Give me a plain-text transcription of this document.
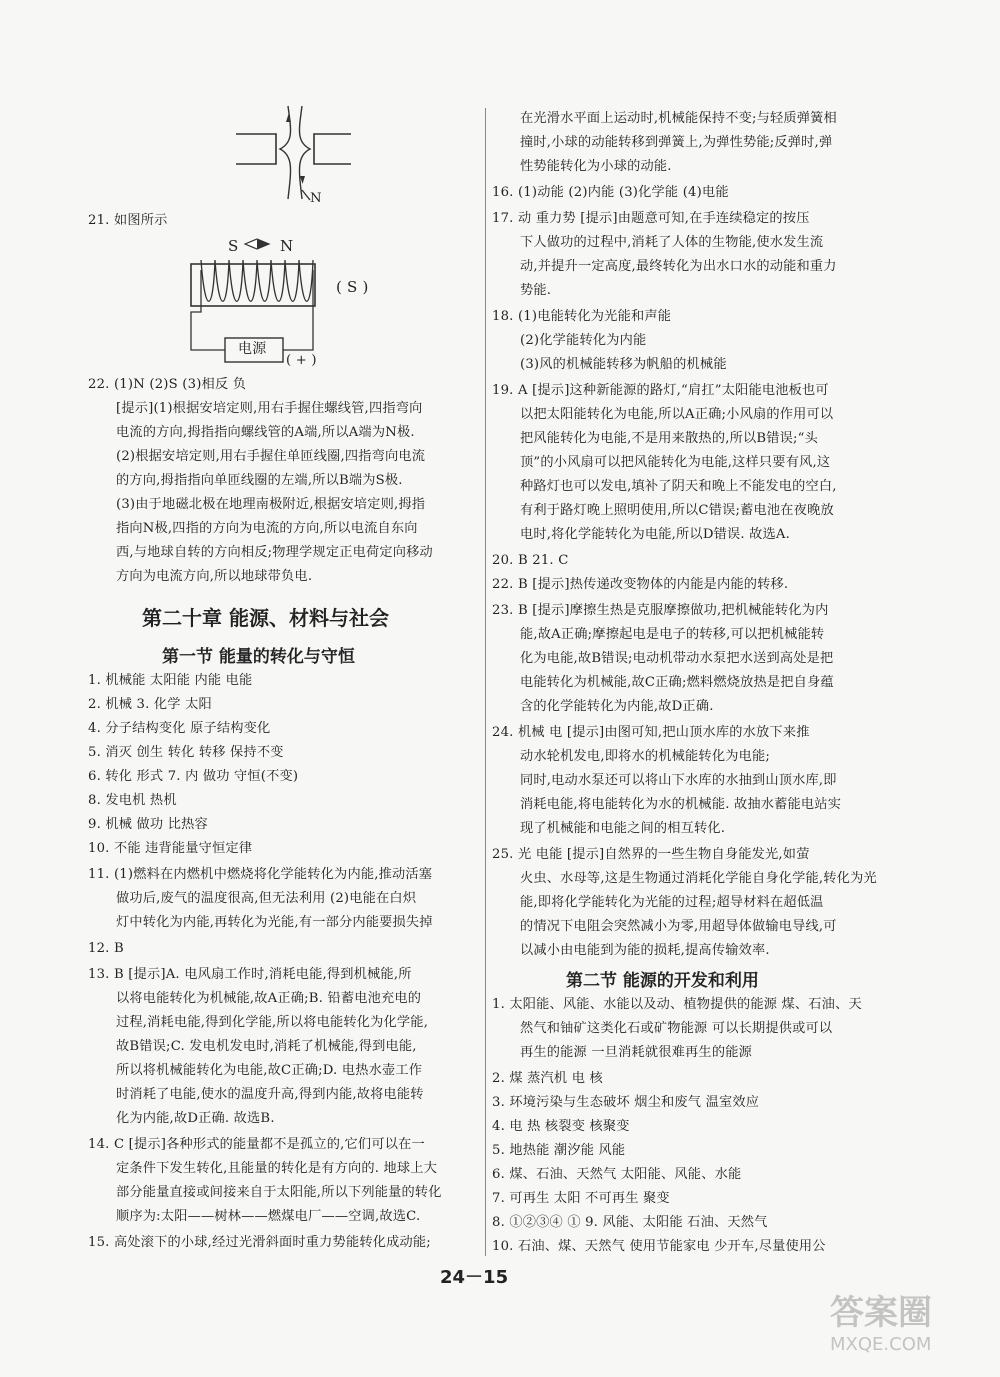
N
21. 如图所示
S	N
( S )
电源
( + )
22. (1)N (2)S (3)相反 负
[提示](1)根据安培定则,用右手握住螺线管,四指弯向
电流的方向,拇指指向螺线管的A端,所以A端为N极.
(2)根据安培定则,用右手握住单匝线圈,四指弯向电流
的方向,拇指指向单匝线圈的左端,所以B端为S极.
(3)由于地磁北极在地理南极附近,根据安培定则,拇指
指向N极,四指的方向为电流的方向,所以电流自东向
西,与地球自转的方向相反;物理学规定正电荷定向移动
方向为电流方向,所以地球带负电.
第二十章 能源、材料与社会
第一节 能量的转化与守恒
1. 机械能 太阳能 内能 电能
2. 机械 3. 化学 太阳
4. 分子结构变化 原子结构变化
5. 消灭 创生 转化 转移 保持不变
6. 转化 形式 7. 内 做功 守恒(不变)
8. 发电机 热机
9. 机械 做功 比热容
10. 不能 违背能量守恒定律
11. (1)燃料在内燃机中燃烧将化学能转化为内能,推动活塞
做功后,废气的温度很高,但无法利用 (2)电能在白炽
灯中转化为内能,再转化为光能,有一部分内能要损失掉
12. B
13. B [提示]A. 电风扇工作时,消耗电能,得到机械能,所
以将电能转化为机械能,故A正确;B. 铅蓄电池充电的
过程,消耗电能,得到化学能,所以将电能转化为化学能,
故B错误;C. 发电机发电时,消耗了机械能,得到电能,
所以将机械能转化为电能,故C正确;D. 电热水壶工作
时消耗了电能,使水的温度升高,得到内能,故将电能转
化为内能,故D正确. 故选B.
14. C [提示]各种形式的能量都不是孤立的,它们可以在一
定条件下发生转化,且能量的转化是有方向的. 地球上大
部分能量直接或间接来自于太阳能,所以下列能量的转化
顺序为:太阳——树林——燃煤电厂——空调,故选C.
15. 高处滚下的小球,经过光滑斜面时重力势能转化成动能;
在光滑水平面上运动时,机械能保持不变;与轻质弹簧相
撞时,小球的动能转移到弹簧上,为弹性势能;反弹时,弹
性势能转化为小球的动能.
16. (1)动能 (2)内能 (3)化学能 (4)电能
17. 动 重力势 [提示]由题意可知,在手连续稳定的按压
下人做功的过程中,消耗了人体的生物能,使水发生流
动,并提升一定高度,最终转化为出水口水的动能和重力
势能.
18. (1)电能转化为光能和声能
(2)化学能转化为内能
(3)风的机械能转移为帆船的机械能
19. A [提示]这种新能源的路灯,“肩扛”太阳能电池板也可
以把太阳能转化为电能,所以A正确;小风扇的作用可以
把风能转化为电能,不是用来散热的,所以B错误;“头
顶”的小风扇可以把风能转化为电能,这样只要有风,这
种路灯也可以发电,填补了阴天和晚上不能发电的空白,
有利于路灯晚上照明使用,所以C错误;蓄电池在夜晚放
电时,将化学能转化为电能,所以D错误. 故选A.
20. B 21. C
22. B [提示]热传递改变物体的内能是内能的转移.
23. B [提示]摩擦生热是克服摩擦做功,把机械能转化为内
能,故A正确;摩擦起电是电子的转移,可以把机械能转
化为电能,故B错误;电动机带动水泵把水送到高处是把
电能转化为机械能,故C正确;燃料燃烧放热是把自身蕴
含的化学能转化为内能,故D正确.
24. 机械 电 [提示]由图可知,把山顶水库的水放下来推
动水轮机发电,即将水的机械能转化为电能;
同时,电动水泵还可以将山下水库的水抽到山顶水库,即
消耗电能,将电能转化为水的机械能. 故抽水蓄能电站实
现了机械能和电能之间的相互转化.
25. 光 电能 [提示]自然界的一些生物自身能发光,如萤
火虫、水母等,这是生物通过消耗化学能自身化学能,转化为光
能,即将化学能转化为光能的过程;超导材料在超低温
的情况下电阻会突然减小为零,用超导体做输电导线,可
以减小由电能到为能的损耗,提高传输效率.
第二节 能源的开发和利用
1. 太阳能、风能、水能以及动、植物提供的能源 煤、石油、天
然气和铀矿这类化石或矿物能源 可以长期提供或可以
再生的能源 一旦消耗就很难再生的能源
2. 煤 蒸汽机 电 核
3. 环境污染与生态破坏 烟尘和废气 温室效应
4. 电 热 核裂变 核聚变
5. 地热能 潮汐能 风能
6. 煤、石油、天然气 太阳能、风能、水能
7. 可再生 太阳 不可再生 聚变
8. ①②③④ ① 9. 风能、太阳能 石油、天然气
10. 石油、煤、天然气 使用节能家电 少开车,尽量使用公
24－15
答案圈
MXQE.COM
